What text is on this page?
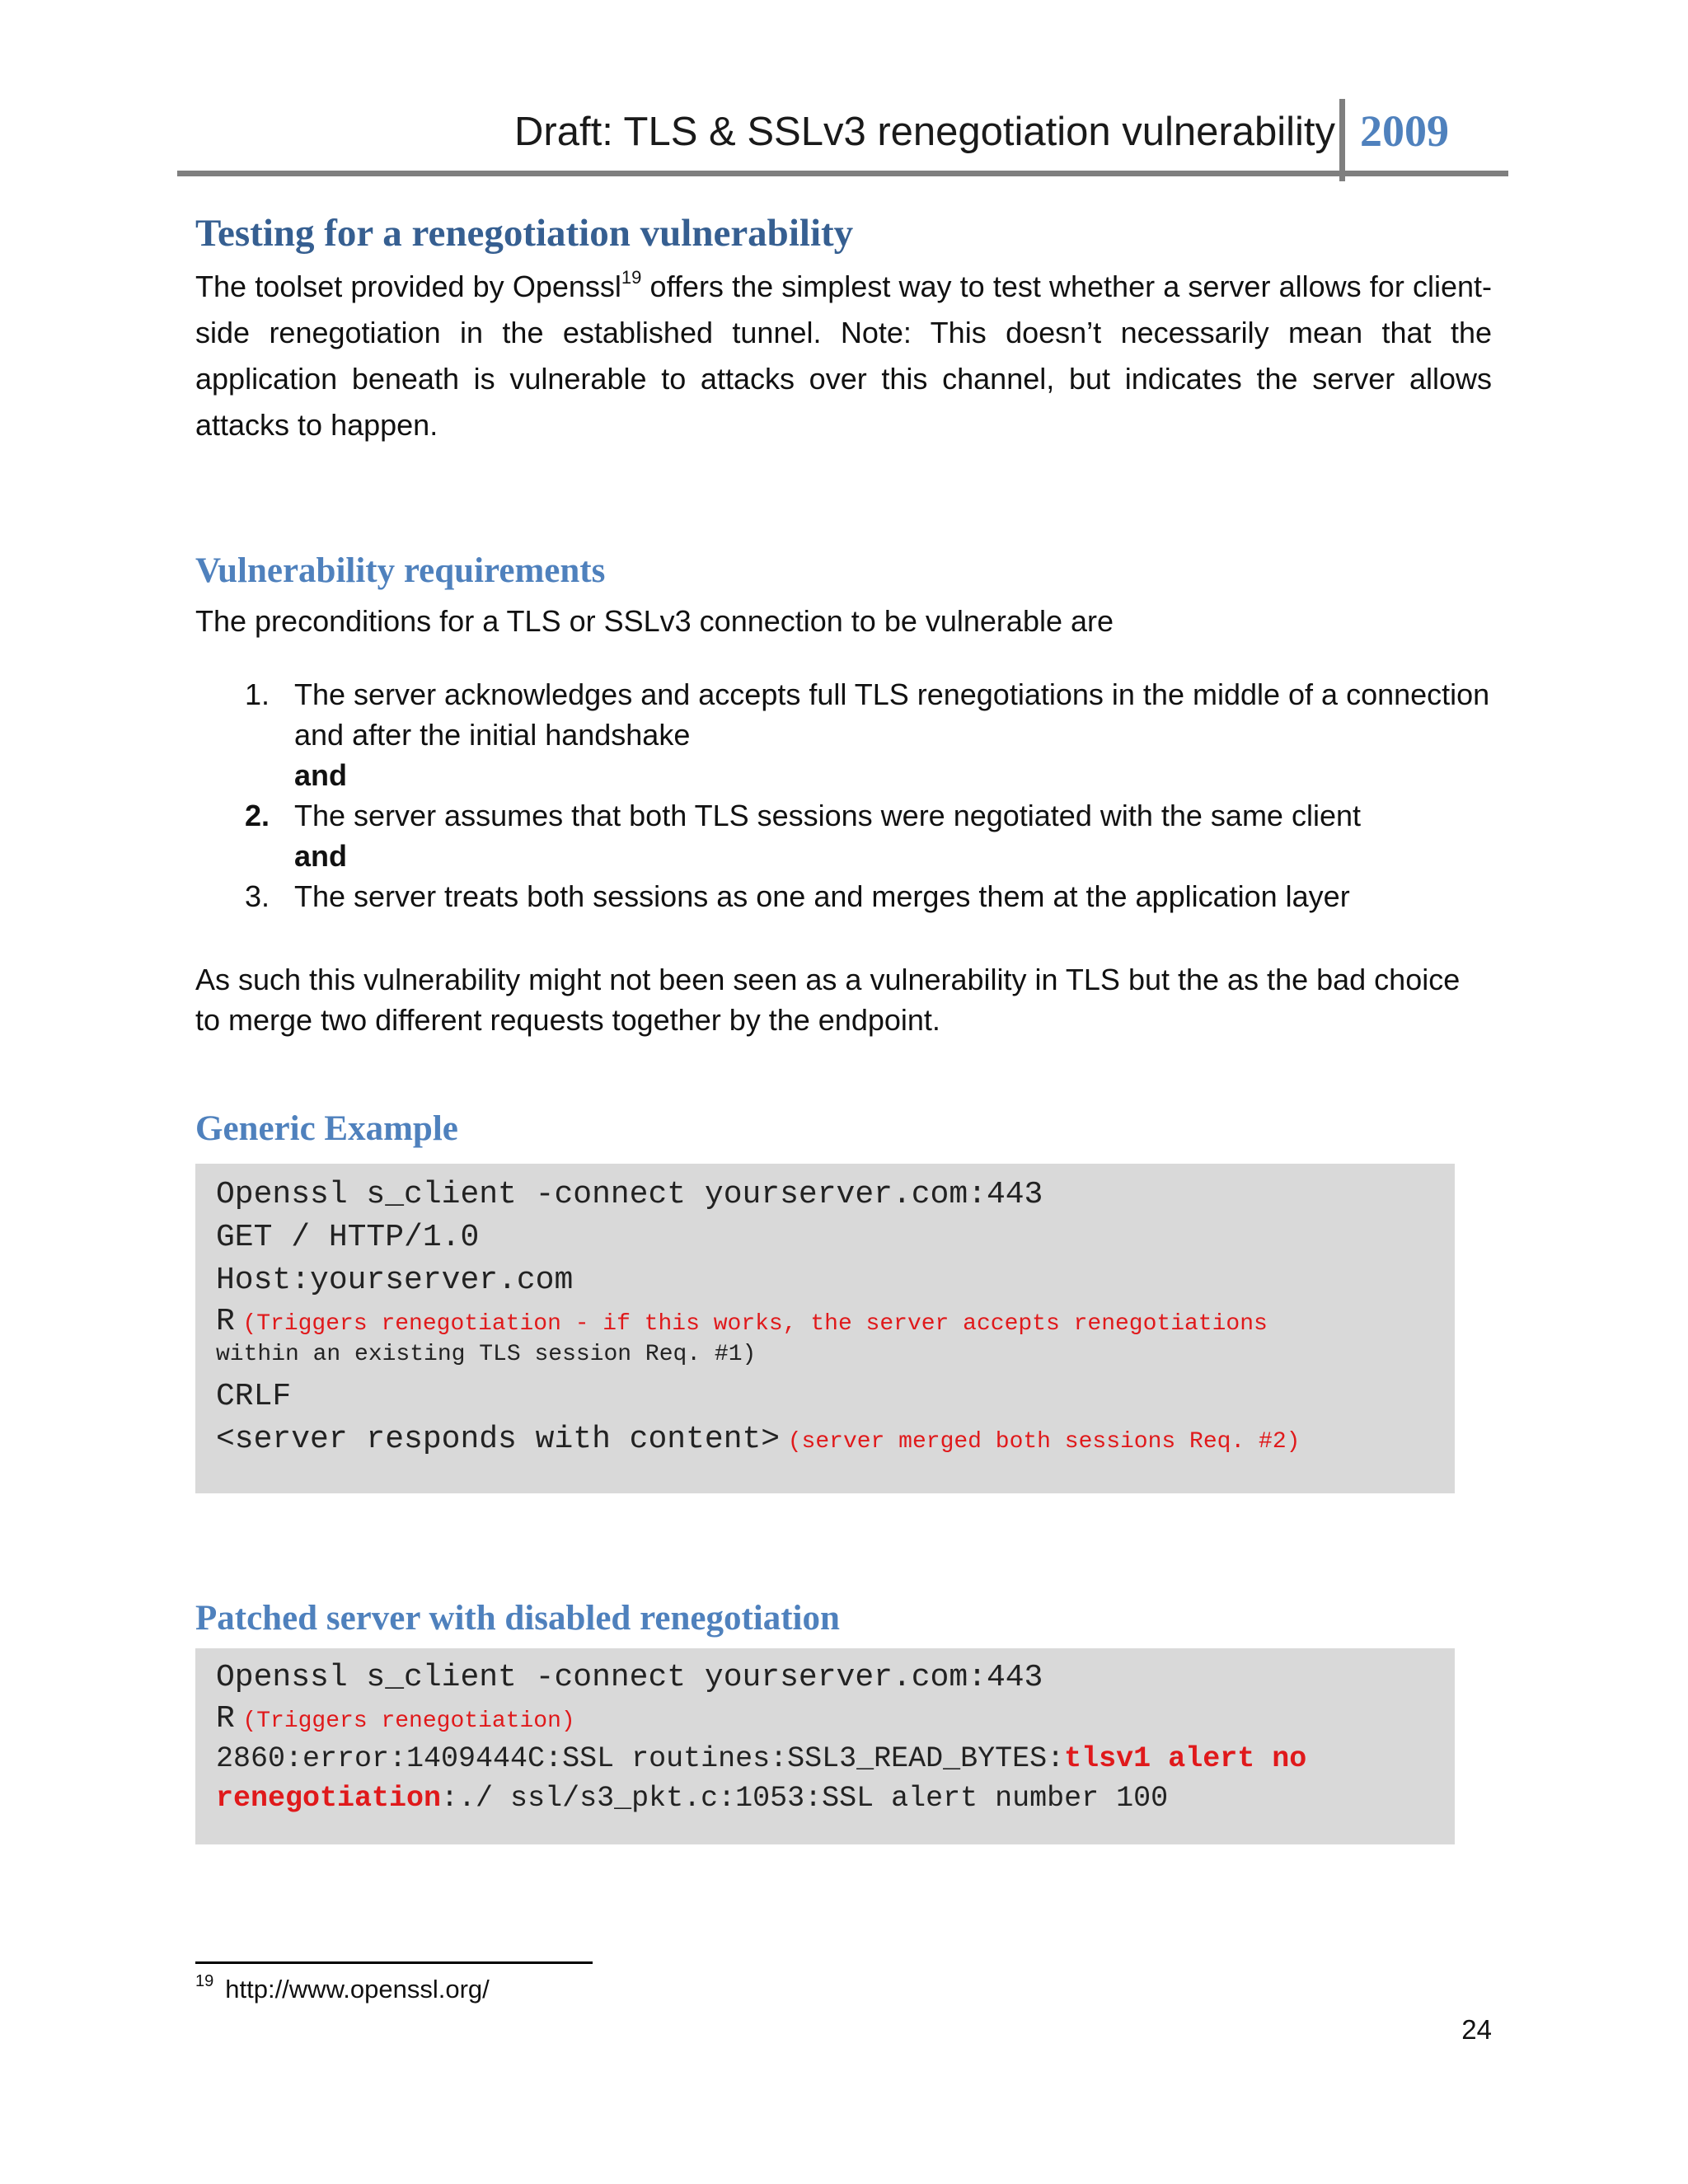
Draft: TLS & SSLv3 renegotiation vulnerability 2009
Testing for a renegotiation vulnerability

The toolset provided by Openssl$^{19}$ offers the simplest way to test whether a server allows for client-side renegotiation in the established tunnel. Note: This doesn’t necessarily mean that the application beneath is vulnerable to attacks over this channel, but indicates the server allows attacks to happen.

Vulnerability requirements

The preconditions for a TLS or SSLv3 connection to be vulnerable are

1. The server acknowledges and accepts full TLS renegotiations in the middle of a connection and after the initial handshake
and
2. The server assumes that both TLS sessions were negotiated with the same client
and
3. The server treats both sessions as one and merges them at the application layer

As such this vulnerability might not been seen as a vulnerability in TLS but the as the bad choice to merge two different requests together by the endpoint.

Generic Example
Openssl s_client -connect yourserver.com:443
GET / HTTP/1.0
Host:yourserver.com
R (Triggers renegotiation - if this works, the server accepts renegotiations
within an existing TLS session Req. #1)
CRLF
<server responds with content> (server merged both sessions Req. #2)
Patched server with disabled renegotiation
Openssl s_client -connect yourserver.com:443
R (Triggers renegotiation)
2860:error:1409444C:SSL routines:SSL3_READ_BYTES:tlsv1 alert no
renegotiation:./ ssl/s3_pkt.c:1053:SSL alert number 100
$^{19}$ http://www.openssl.org/
24
